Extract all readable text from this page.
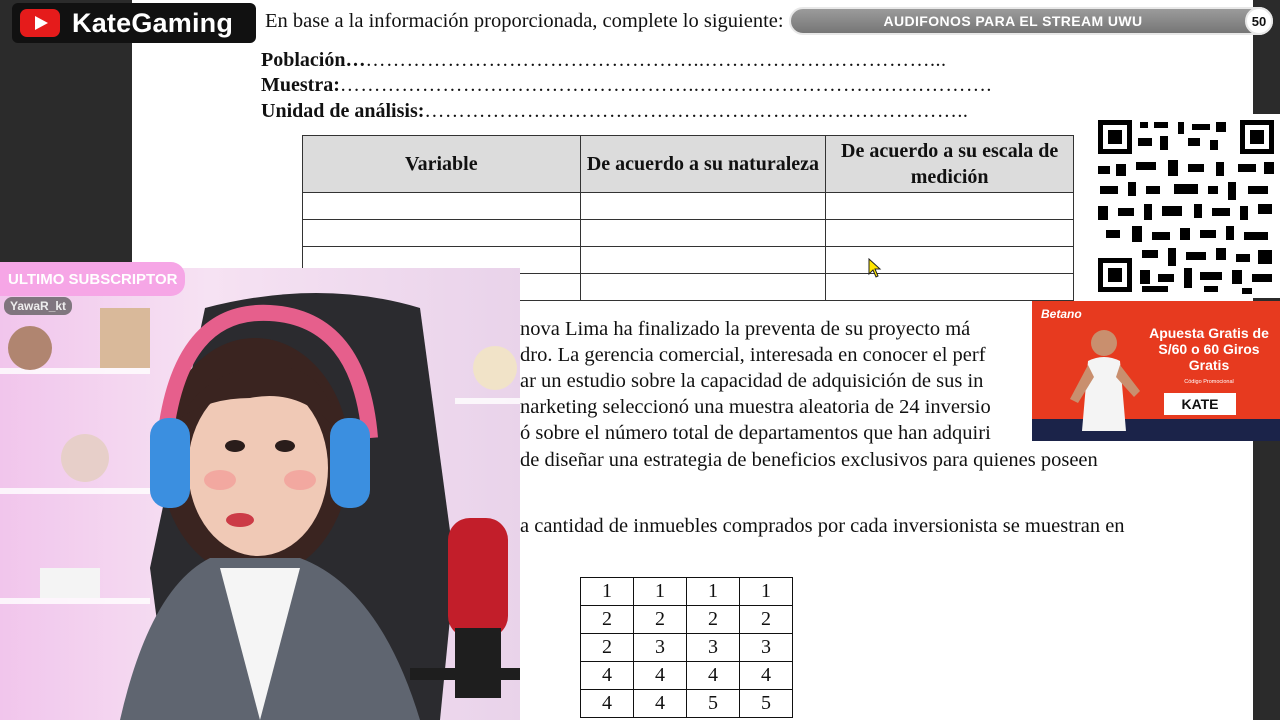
En base a la información proporcionada, complete lo siguiente:
Población… …………………………………………..……………………………...
Muestra: ……………………………………………..…………………………………….
Unidad de análisis: ……………………………………………………………………..
Variable	De acuerdo a su naturaleza	De acuerdo a su escala de medición

nova Lima ha finalizado la preventa de su proyecto má
dro. La gerencia comercial, interesada en conocer el perf
ar un estudio sobre la capacidad de adquisición de sus in
narketing seleccionó una muestra aleatoria de 24 inversio
ó sobre el número total de departamentos que han adquiri
de diseñar una estrategia de beneficios exclusivos para quienes poseen
a cantidad de inmuebles comprados por cada inversionista se muestran en
1	1	1	1
2	2	2	2
2	3	3	3
4	4	4	4
4	4	5	5
KateGaming	AUDIFONOS PARA EL STREAM UWU	50
Betano
Apuesta Gratis de S/60 o 60 Giros Gratis
Código Promocional
KATE
ULTIMO SUBSCRIPTOR
YawaR_kt
